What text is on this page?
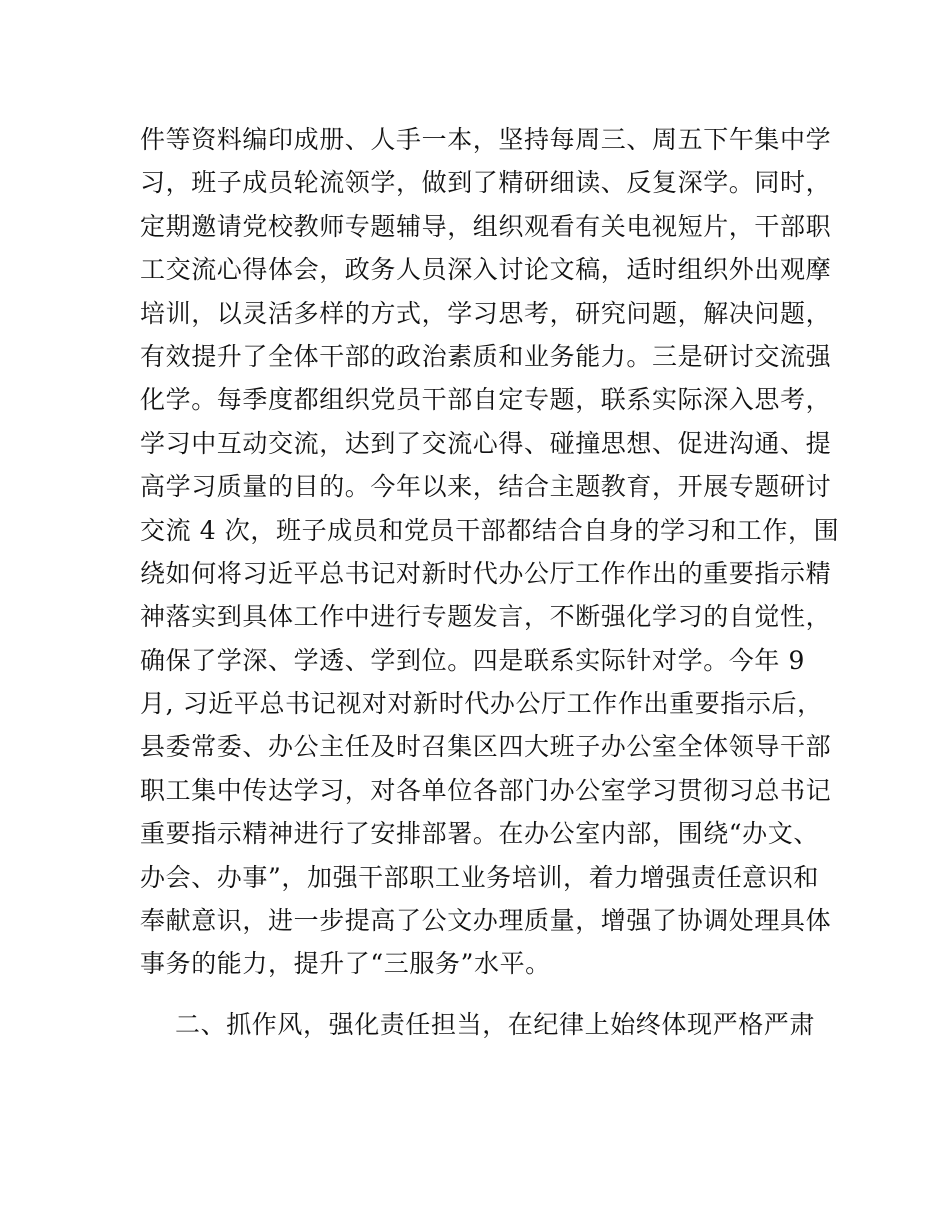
件等资料编印成册、人手一本，坚持每周三、周五下午集中学
习，班子成员轮流领学，做到了精研细读、反复深学。同时，
定期邀请党校教师专题辅导，组织观看有关电视短片，干部职
工交流心得体会，政务人员深入讨论文稿，适时组织外出观摩
培训，以灵活多样的方式，学习思考，研究问题，解决问题，
有效提升了全体干部的政治素质和业务能力。三是研讨交流强
化学。每季度都组织党员干部自定专题，联系实际深入思考，
学习中互动交流，达到了交流心得、碰撞思想、促进沟通、提
高学习质量的目的。今年以来，结合主题教育，开展专题研讨
交流 4 次，班子成员和党员干部都结合自身的学习和工作，围
绕如何将习近平总书记对新时代办公厅工作作出的重要指示精
神落实到具体工作中进行专题发言，不断强化学习的自觉性，
确保了学深、学透、学到位。四是联系实际针对学。今年 9
月, 习近平总书记视对对新时代办公厅工作作出重要指示后，
县委常委、办公主任及时召集区四大班子办公室全体领导干部
职工集中传达学习，对各单位各部门办公室学习贯彻习总书记
重要指示精神进行了安排部署。在办公室内部，围绕“办文、
办会、办事”，加强干部职工业务培训，着力增强责任意识和
奉献意识，进一步提高了公文办理质量，增强了协调处理具体
事务的能力，提升了“三服务”水平。
二、抓作风，强化责任担当，在纪律上始终体现严格严肃
